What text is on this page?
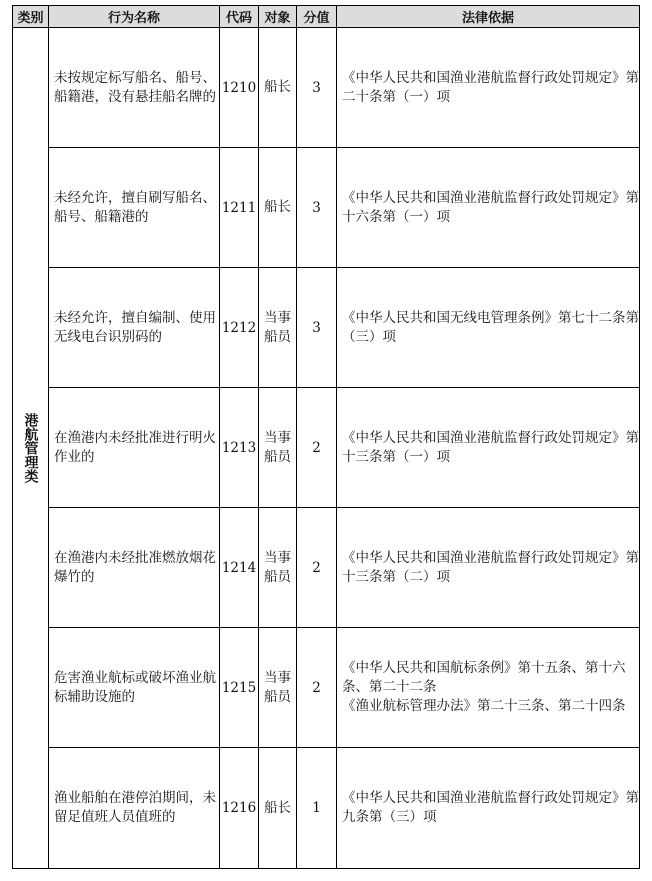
类别	行为名称	代码	对象	分值	法律依据
港航管理类	未按规定标写船名、船号、船籍港，没有悬挂船名牌的	1210	船长	3	《中华人民共和国渔业港航监督行政处罚规定》第二十条第（一）项
	未经允许，擅自刷写船名、船号、船籍港的	1211	船长	3	《中华人民共和国渔业港航监督行政处罚规定》第十六条第（一）项
	未经允许，擅自编制、使用无线电台识别码的	1212	当事船员	3	《中华人民共和国无线电管理条例》第七十二条第（三）项
	在渔港内未经批准进行明火作业的	1213	当事船员	2	《中华人民共和国渔业港航监督行政处罚规定》第十三条第（一）项
	在渔港内未经批准燃放烟花爆竹的	1214	当事船员	2	《中华人民共和国渔业港航监督行政处罚规定》第十三条第（二）项
	危害渔业航标或破坏渔业航标辅助设施的	1215	当事船员	2	《中华人民共和国航标条例》第十五条、第十六条、第二十二条
《渔业航标管理办法》第二十三条、第二十四条
	渔业船舶在港停泊期间，未留足值班人员值班的	1216	船长	1	《中华人民共和国渔业港航监督行政处罚规定》第九条第（三）项
